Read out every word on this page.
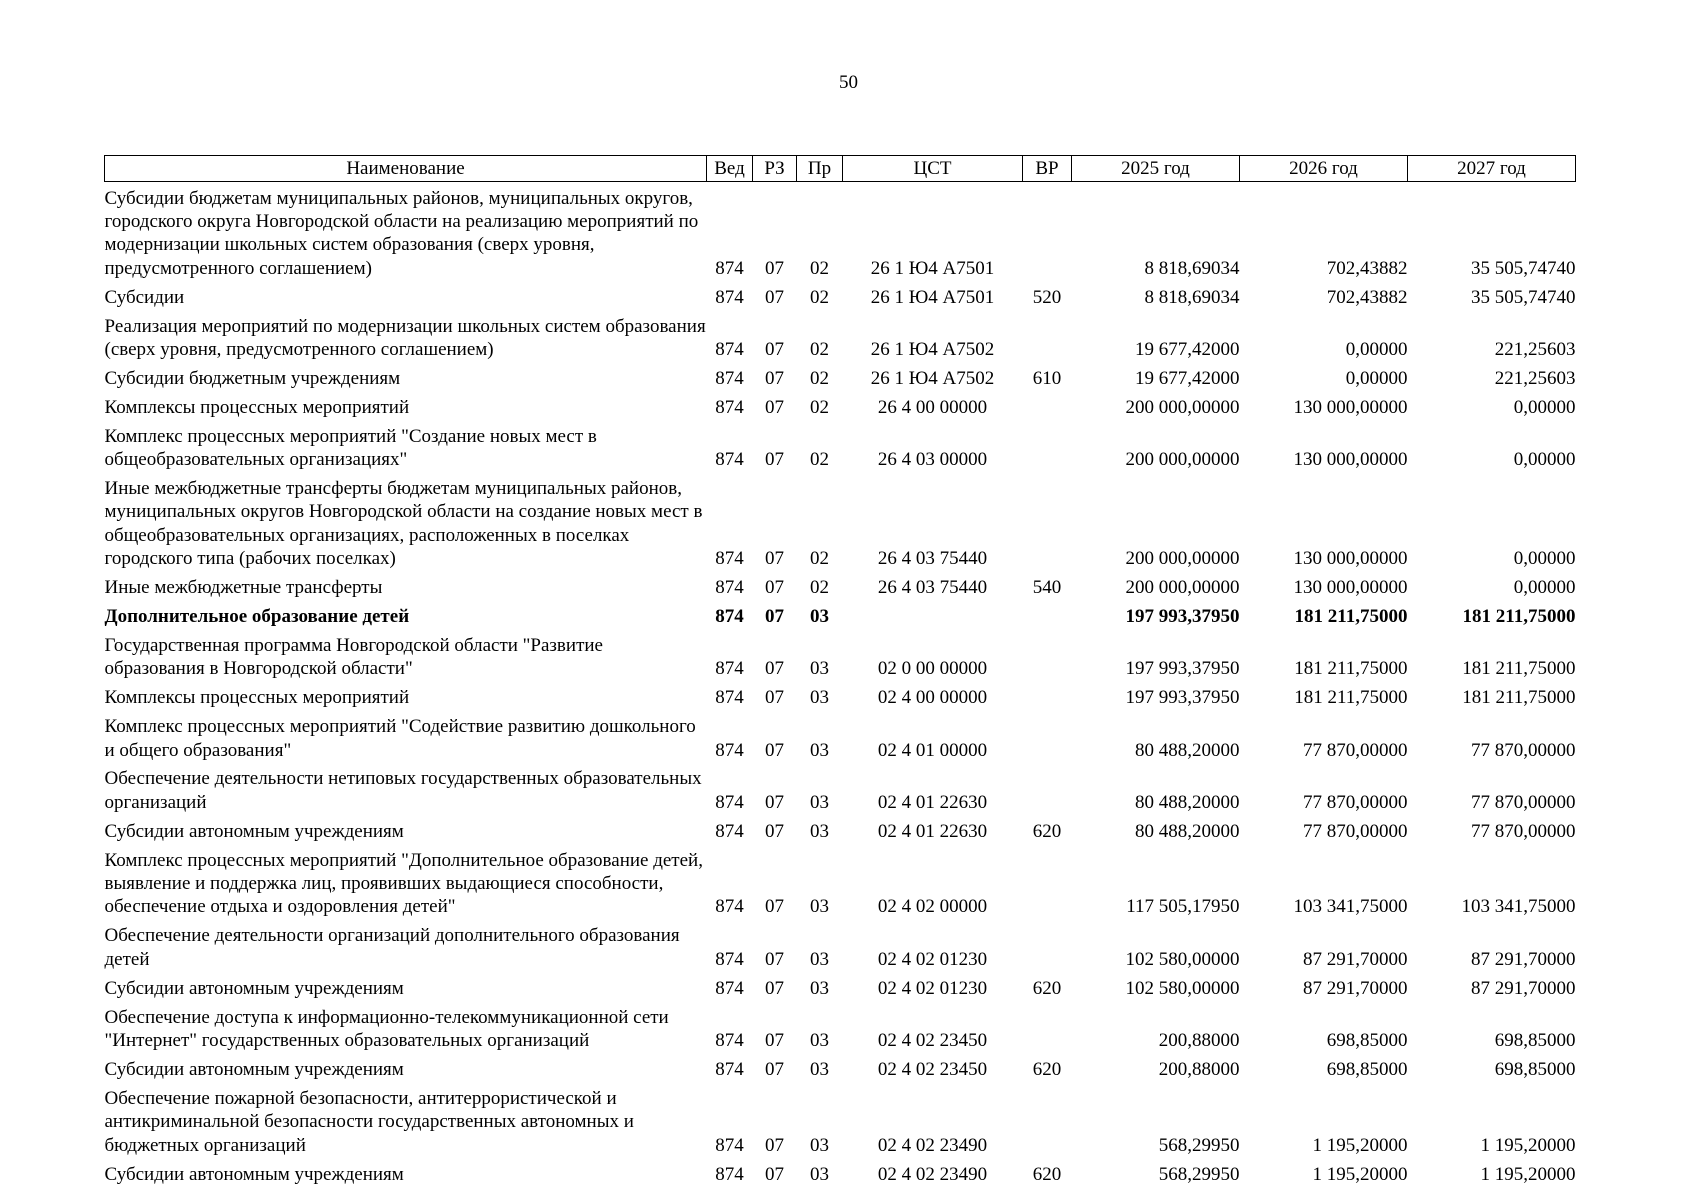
50
Наименование	Вед	РЗ	Пр	ЦСТ	ВР	2025 год	2026 год	2027 год
Субсидии бюджетам муниципальных районов, муниципальных округов, городского округа Новгородской области на реализацию мероприятий по модернизации школьных систем образования (сверх уровня, предусмотренного соглашением)	874	07	02	26 1 Ю4 А7501		8 818,69034	702,43882	35 505,74740
Субсидии	874	07	02	26 1 Ю4 А7501	520	8 818,69034	702,43882	35 505,74740
Реализация мероприятий по модернизации школьных систем образования (сверх уровня, предусмотренного соглашением)	874	07	02	26 1 Ю4 А7502		19 677,42000	0,00000	221,25603
Субсидии бюджетным учреждениям	874	07	02	26 1 Ю4 А7502	610	19 677,42000	0,00000	221,25603
Комплексы процессных мероприятий	874	07	02	26 4 00 00000		200 000,00000	130 000,00000	0,00000
Комплекс процессных мероприятий "Создание новых мест в общеобразовательных организациях"	874	07	02	26 4 03 00000		200 000,00000	130 000,00000	0,00000
Иные межбюджетные трансферты бюджетам муниципальных районов, муниципальных округов Новгородской области на создание новых мест в общеобразовательных организациях, расположенных в поселках городского типа (рабочих поселках)	874	07	02	26 4 03 75440		200 000,00000	130 000,00000	0,00000
Иные межбюджетные трансферты	874	07	02	26 4 03 75440	540	200 000,00000	130 000,00000	0,00000
Дополнительное образование детей	874	07	03			197 993,37950	181 211,75000	181 211,75000
Государственная программа Новгородской области "Развитие образования в Новгородской области"	874	07	03	02 0 00 00000		197 993,37950	181 211,75000	181 211,75000
Комплексы процессных мероприятий	874	07	03	02 4 00 00000		197 993,37950	181 211,75000	181 211,75000
Комплекс процессных мероприятий "Содействие развитию дошкольного и общего образования"	874	07	03	02 4 01 00000		80 488,20000	77 870,00000	77 870,00000
Обеспечение деятельности нетиповых государственных образовательных организаций	874	07	03	02 4 01 22630		80 488,20000	77 870,00000	77 870,00000
Субсидии автономным учреждениям	874	07	03	02 4 01 22630	620	80 488,20000	77 870,00000	77 870,00000
Комплекс процессных мероприятий "Дополнительное образование детей, выявление и поддержка лиц, проявивших выдающиеся способности, обеспечение отдыха и оздоровления детей"	874	07	03	02 4 02 00000		117 505,17950	103 341,75000	103 341,75000
Обеспечение деятельности организаций дополнительного образования детей	874	07	03	02 4 02 01230		102 580,00000	87 291,70000	87 291,70000
Субсидии автономным учреждениям	874	07	03	02 4 02 01230	620	102 580,00000	87 291,70000	87 291,70000
Обеспечение доступа к информационно-телекоммуникационной сети "Интернет" государственных образовательных организаций	874	07	03	02 4 02 23450		200,88000	698,85000	698,85000
Субсидии автономным учреждениям	874	07	03	02 4 02 23450	620	200,88000	698,85000	698,85000
Обеспечение пожарной безопасности, антитеррористической и антикриминальной безопасности государственных автономных и бюджетных организаций	874	07	03	02 4 02 23490		568,29950	1 195,20000	1 195,20000
Субсидии автономным учреждениям	874	07	03	02 4 02 23490	620	568,29950	1 195,20000	1 195,20000
